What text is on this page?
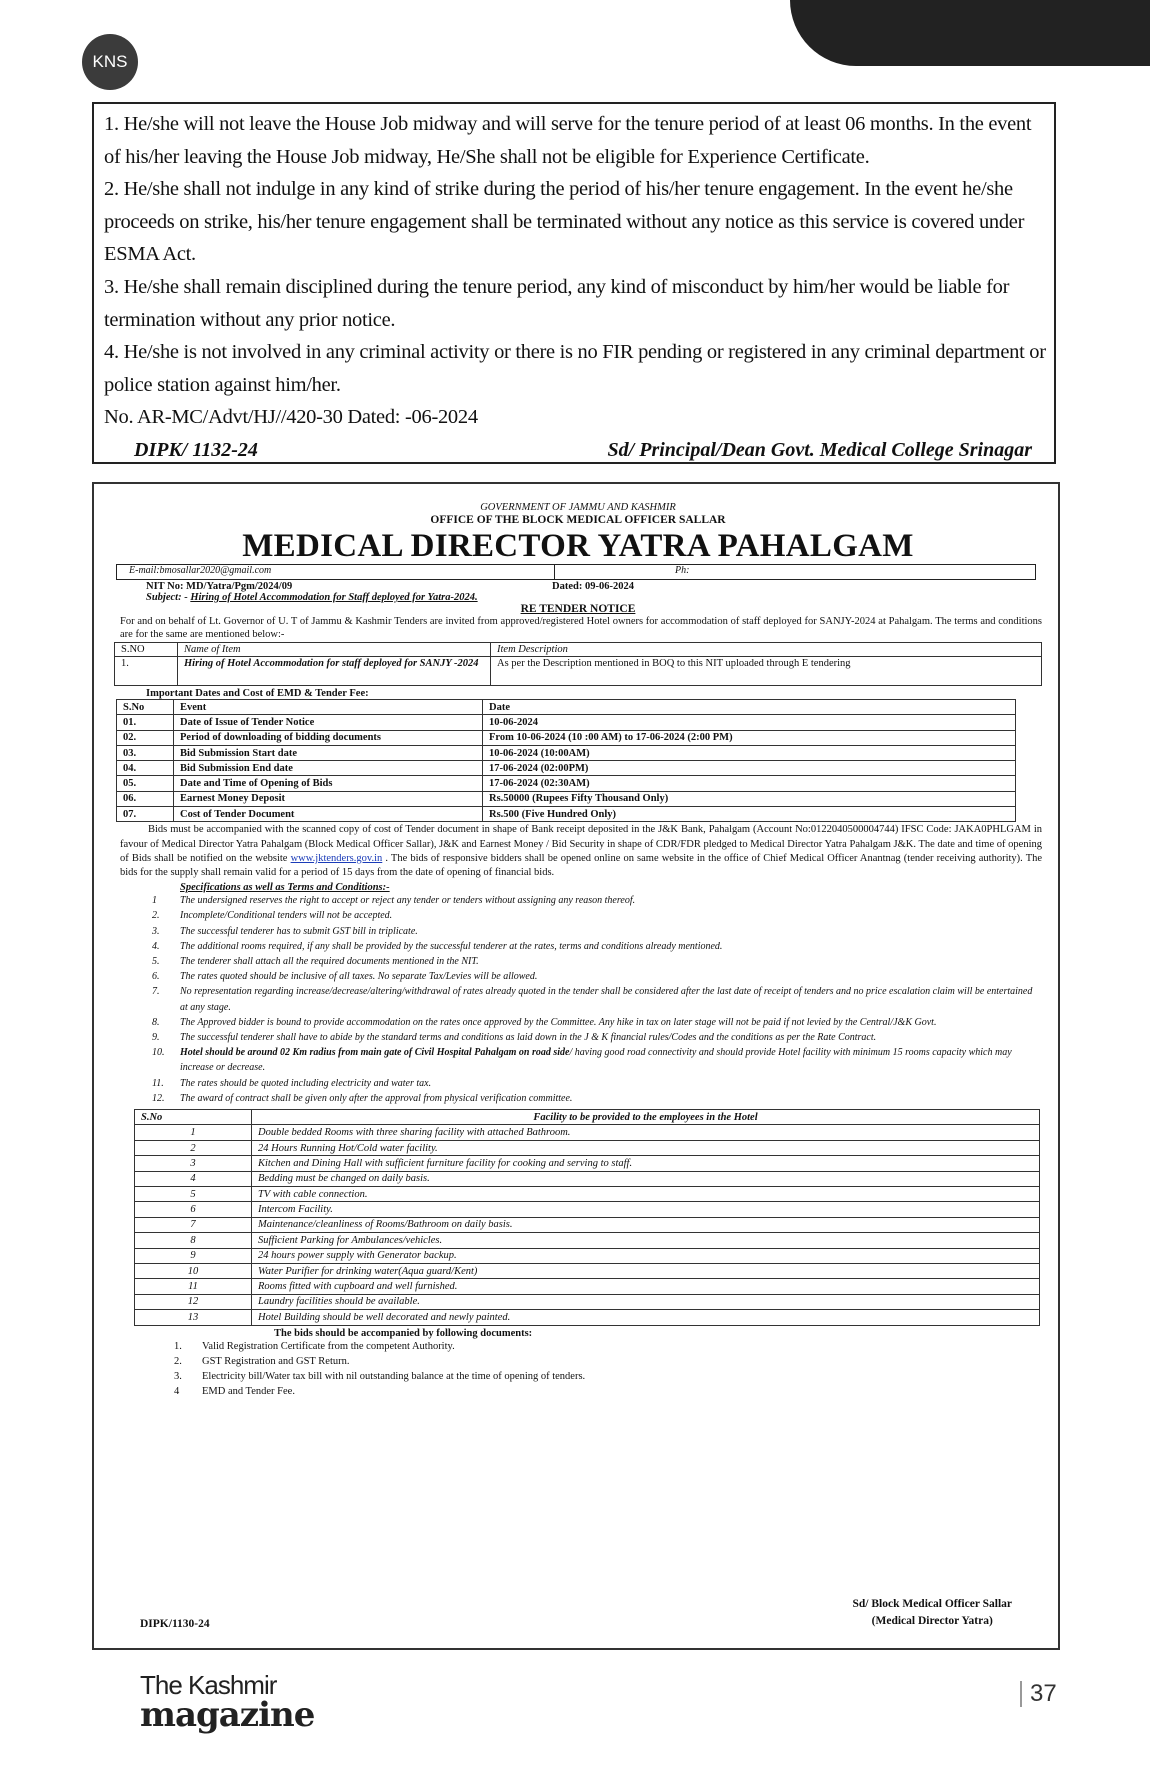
KNS

1. He/she will not leave the House Job midway and will serve for the tenure period of at least 06 months. In the event of his/her leaving the House Job midway, He/She shall not be eligible for Experience Certificate.

2. He/she shall not indulge in any kind of strike during the period of his/her tenure engagement. In the event he/she proceeds on strike, his/her tenure engagement shall be terminated without any notice as this service is covered under ESMA Act.

3. He/she shall remain disciplined during the tenure period, any kind of misconduct by him/her would be liable for termination without any prior notice.

4. He/she is not involved in any criminal activity or there is no FIR pending or registered in any criminal department or police station against him/her.

No. AR-MC/Advt/HJ//420-30 Dated: -06-2024

DIPK/ 1132-24	Sd/ Principal/Dean Govt. Medical College Srinagar
GOVERNMENT OF JAMMU AND KASHMIR
OFFICE OF THE BLOCK MEDICAL OFFICER SALLAR
MEDICAL DIRECTOR YATRA PAHALGAM
E-mail:bmosallar2020@gmail.com	Ph:
NIT No: MD/Yatra/Pgm/2024/09	Dated: 09-06-2024
Subject: - Hiring of Hotel Accommodation for Staff deployed for Yatra-2024.
RE TENDER NOTICE
For and on behalf of Lt. Governor of U. T of Jammu & Kashmir Tenders are invited from approved/registered Hotel owners for accommodation of staff deployed for SANJY-2024 at Pahalgam. The terms and conditions are for the same are mentioned below:-
S.NO	Name of Item	Item Description
1.	Hiring of Hotel Accommodation for staff deployed for SANJY -2024	As per the Description mentioned in BOQ to this NIT uploaded through E tendering
Important Dates and Cost of EMD & Tender Fee:
S.No	Event	Date
01.	Date of Issue of Tender Notice	10-06-2024
02.	Period of downloading of bidding documents	From 10-06-2024 (10 :00 AM) to 17-06-2024 (2:00 PM)
03.	Bid Submission Start date	10-06-2024 (10:00AM)
04.	Bid Submission End date	17-06-2024 (02:00PM)
05.	Date and Time of Opening of Bids	17-06-2024 (02:30AM)
06.	Earnest Money Deposit	Rs.50000 (Rupees Fifty Thousand Only)
07.	Cost of Tender Document	Rs.500 (Five Hundred Only)
Bids must be accompanied with the scanned copy of cost of Tender document in shape of Bank receipt deposited in the J&K Bank, Pahalgam (Account No:0122040500004744) IFSC Code: JAKA0PHLGAM in favour of Medical Director Yatra Pahalgam (Block Medical Officer Sallar), J&K and Earnest Money / Bid Security in shape of CDR/FDR pledged to Medical Director Yatra Pahalgam J&K. The date and time of opening of Bids shall be notified on the website www.jktenders.gov.in . The bids of responsive bidders shall be opened online on same website in the office of Chief Medical Officer Anantnag (tender receiving authority). The bids for the supply shall remain valid for a period of 15 days from the date of opening of financial bids.
Specifications as well as Terms and Conditions:-
1	The undersigned reserves the right to accept or reject any tender or tenders without assigning any reason thereof.
2.	Incomplete/Conditional tenders will not be accepted.
3.	The successful tenderer has to submit GST bill in triplicate.
4.	The additional rooms required, if any shall be provided by the successful tenderer at the rates, terms and conditions already mentioned.
5.	The tenderer shall attach all the required documents mentioned in the NIT.
6.	The rates quoted should be inclusive of all taxes. No separate Tax/Levies will be allowed.
7.	No representation regarding increase/decrease/altering/withdrawal of rates already quoted in the tender shall be considered after the last date of receipt of tenders and no price escalation claim will be entertained at any stage.
8.	The Approved bidder is bound to provide accommodation on the rates once approved by the Committee. Any hike in tax on later stage will not be paid if not levied by the Central/J&K Govt.
9.	The successful tenderer shall have to abide by the standard terms and conditions as laid down in the J & K financial rules/Codes and the conditions as per the Rate Contract.
10.	Hotel should be around 02 Km radius from main gate of Civil Hospital Pahalgam on road side/ having good road connectivity and should provide Hotel facility with minimum 15 rooms capacity which may increase or decrease.
11.	The rates should be quoted including electricity and water tax.
12.	The award of contract shall be given only after the approval from physical verification committee.
S.No	Facility to be provided to the employees in the Hotel
1	Double bedded Rooms with three sharing facility with attached Bathroom.
2	24 Hours Running Hot/Cold water facility.
3	Kitchen and Dining Hall with sufficient furniture facility for cooking and serving to staff.
4	Bedding must be changed on daily basis.
5	TV with cable connection.
6	Intercom Facility.
7	Maintenance/cleanliness of Rooms/Bathroom on daily basis.
8	Sufficient Parking for Ambulances/vehicles.
9	24 hours power supply with Generator backup.
10	Water Purifier for drinking water(Aqua guard/Kent)
11	Rooms fitted with cupboard and well furnished.
12	Laundry facilities should be available.
13	Hotel Building should be well decorated and newly painted.
The bids should be accompanied by following documents:
1.	Valid Registration Certificate from the competent Authority.
2.	GST Registration and GST Return.
3.	Electricity bill/Water tax bill with nil outstanding balance at the time of opening of tenders.
4	EMD and Tender Fee.
DIPK/1130-24
Sd/ Block Medical Officer Sallar
(Medical Director Yatra)
The Kashmir
magazine
37
